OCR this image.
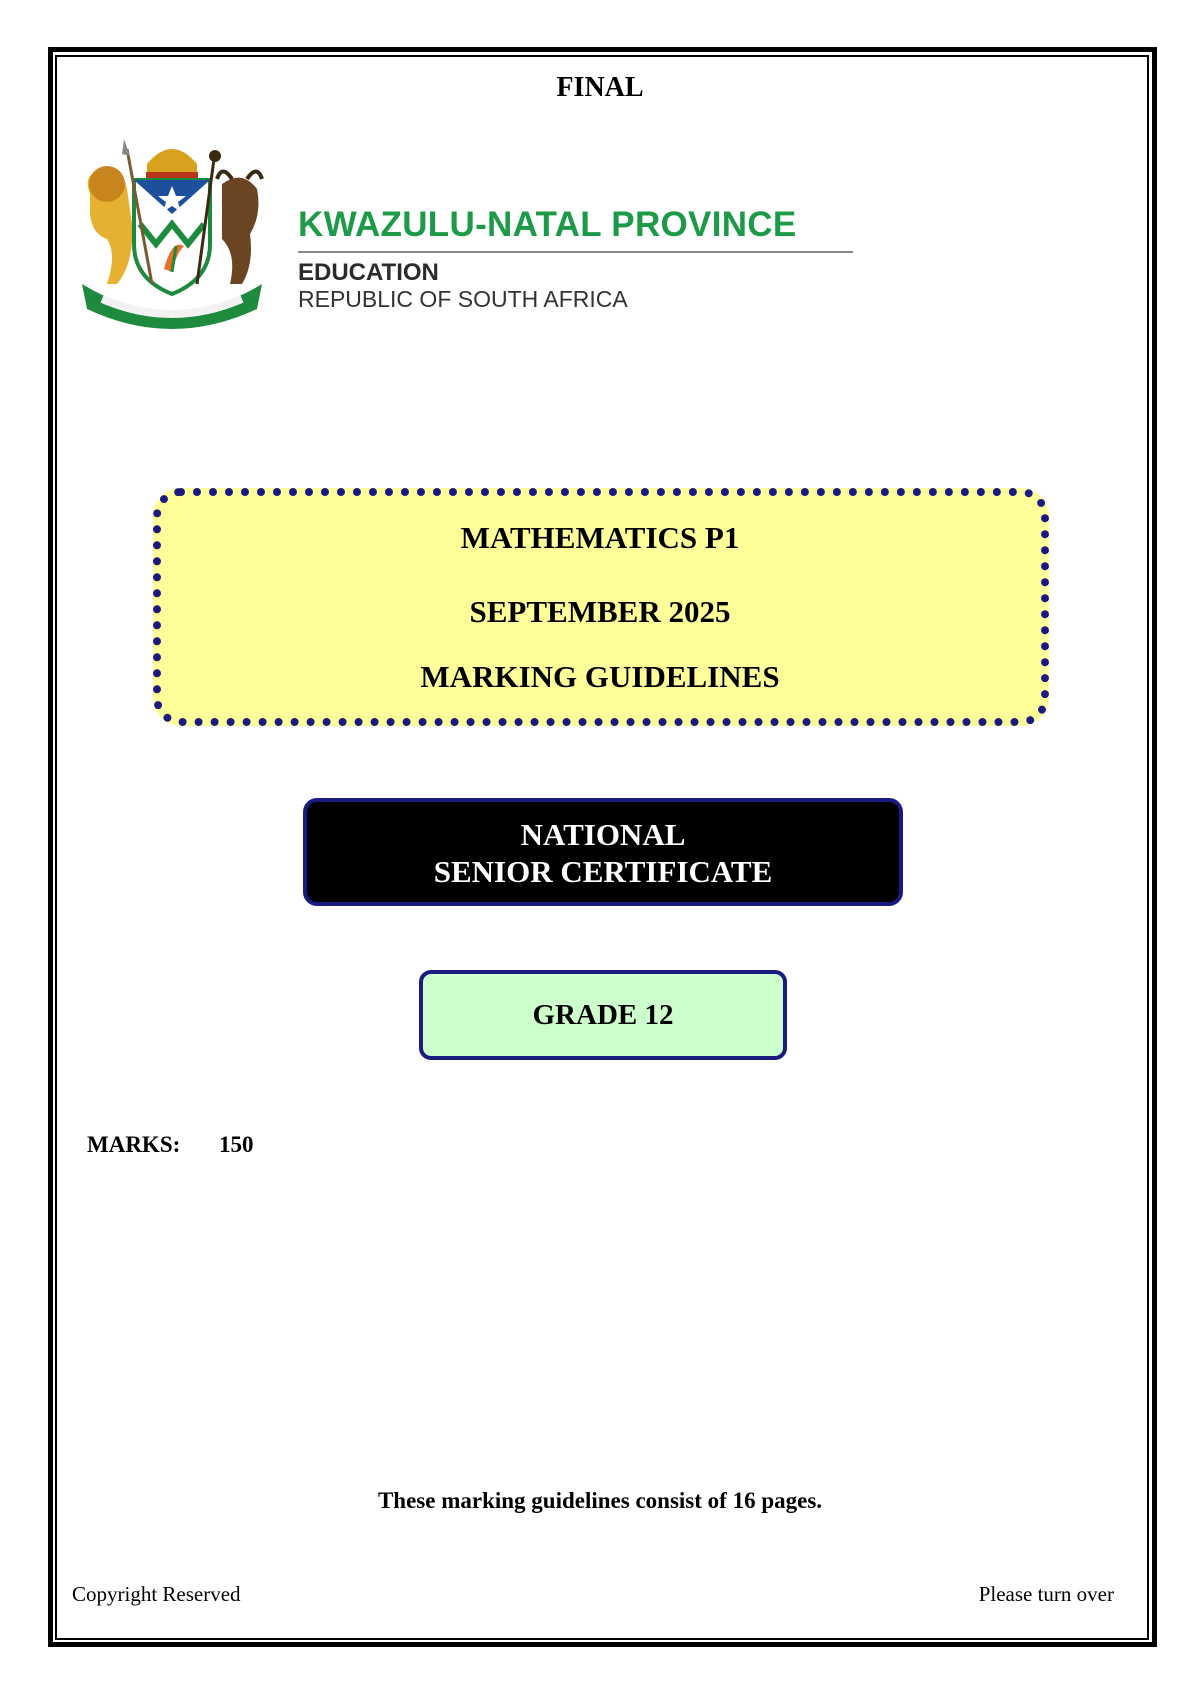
FINAL
KWAZULU-NATAL PROVINCE
EDUCATION
REPUBLIC OF SOUTH AFRICA
MATHEMATICS P1
SEPTEMBER 2025
MARKING GUIDELINES
NATIONAL
SENIOR CERTIFICATE
GRADE 12
MARKS: 150
These marking guidelines consist of 16 pages.
Copyright Reserved	Please turn over
